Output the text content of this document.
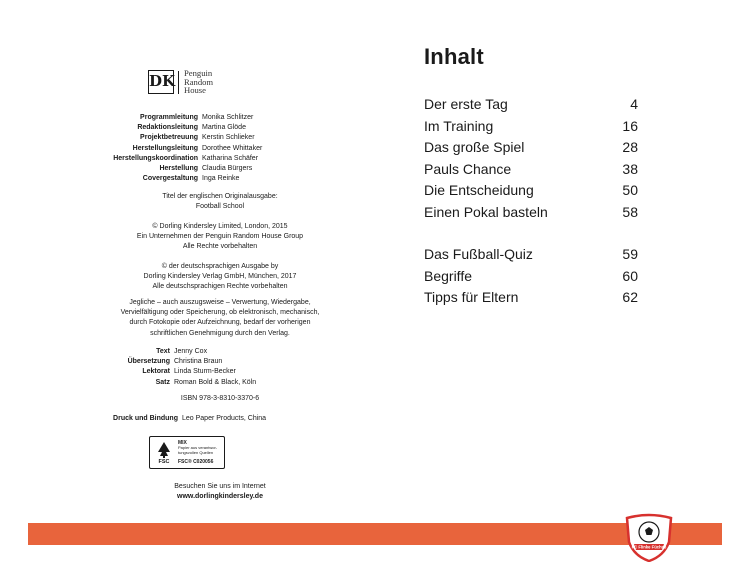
DK Penguin
Random
House
Programmleitung Monika Schlitzer
Redaktionsleitung Martina Glöde
Projektbetreuung Kerstin Schlieker
Herstellungsleitung Dorothee Whittaker
Herstellungskoordination Katharina Schäfer
Herstellung Claudia Bürgers
Covergestaltung Inga Reinke
Titel der englischen Originalausgabe:
Football School
© Dorling Kindersley Limited, London, 2015
Ein Unternehmen der Penguin Random House Group
Alle Rechte vorbehalten
© der deutschsprachigen Ausgabe by
Dorling Kindersley Verlag GmbH, München, 2017
Alle deutschsprachigen Rechte vorbehalten
Jegliche – auch auszugsweise – Verwertung, Wiedergabe,
Vervielfältigung oder Speicherung, ob elektronisch, mechanisch,
durch Fotokopie oder Aufzeichnung, bedarf der vorherigen
schriftlichen Genehmigung durch den Verlag.
Text Jenny Cox
Übersetzung Christina Braun
Lektorat Linda Sturm-Becker
Satz Roman Bold & Black, Köln
ISBN 978-3-8310-3370-6
Druck und Bindung Leo Paper Products, China
FSC
MIX
Papier aus verantwor-tungsvollen Quellen
FSC® C020056
Besuchen Sie uns im Internet
www.dorlingkindersley.de
Inhalt
Der erste Tag	4
Im Training	16
Das große Spiel	28
Pauls Chance	38
Die Entscheidung	50
Einen Pokal basteln	58
Das Fußball-Quiz	59
Begriffe	60
Tipps für Eltern	62
FC Flinke Füchse
